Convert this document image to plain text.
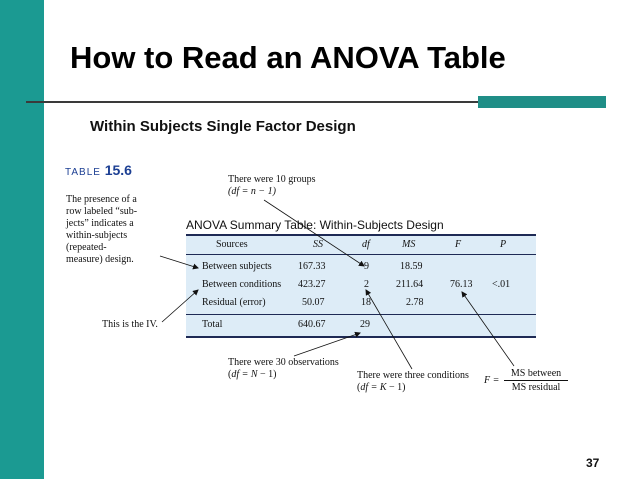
How to Read an ANOVA Table
Within Subjects Single Factor Design
TABLE 15.6
The presence of a
row labeled “sub-
jects” indicates a
within-subjects
(repeated-
measure) design.
This is the IV.
There were 10 groups
(df = n − 1)
There were 30 observations
(df = N − 1)	There were three conditions
(df = K − 1)
ANOVA Summary Table: Within-Subjects Design
Sources	SS	df	MS	F	P
Between subjects	167.33	9	18.59
Between conditions 423.27	2	211.64	76.13 <.01
Residual (error)	50.07	18	2.78
Total	640.67	29
F =
MS between
MS residual
37
